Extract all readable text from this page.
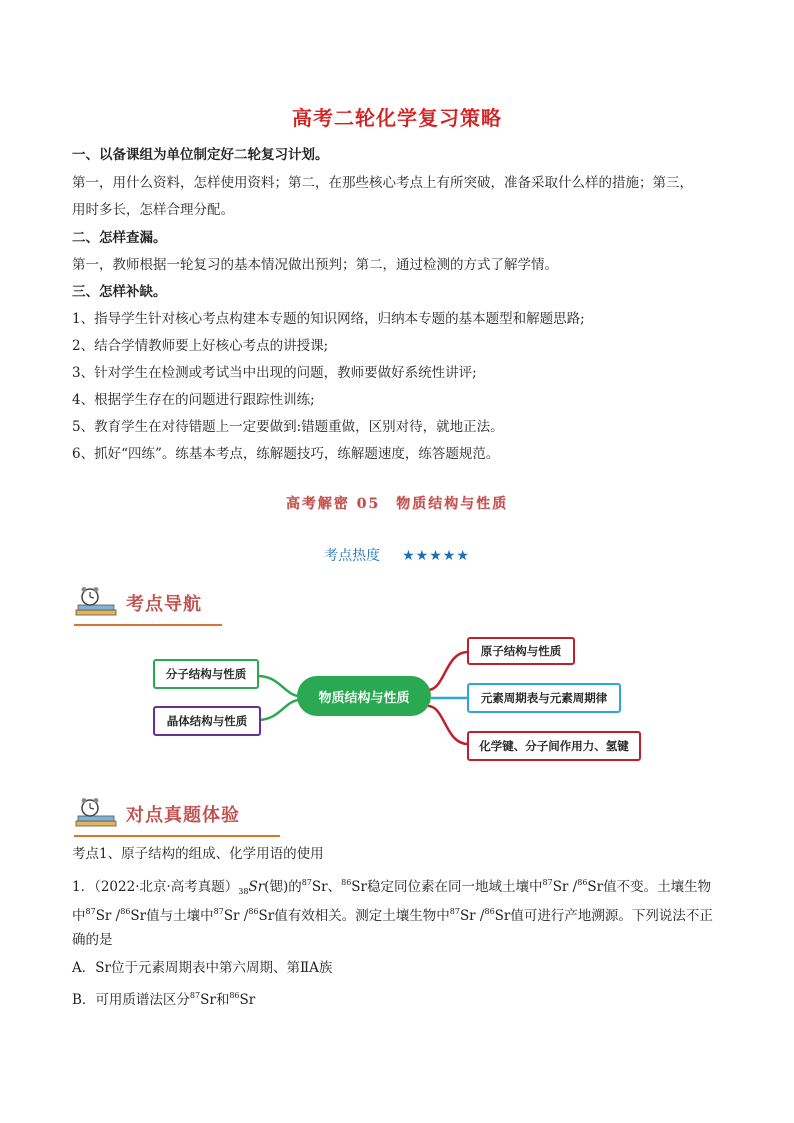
高考二轮化学复习策略
一、以备课组为单位制定好二轮复习计划。
第一，用什么资料，怎样使用资料；第二，在那些核心考点上有所突破，准备采取什么样的措施；第三，
用时多长，怎样合理分配。
二、怎样查漏。
第一，教师根据一轮复习的基本情况做出预判；第二，通过检测的方式了解学情。
三、怎样补缺。
1、指导学生针对核心考点构建本专题的知识网络，归纳本专题的基本题型和解题思路;
2、结合学情教师要上好核心考点的讲授课;
3、针对学生在检测或考试当中出现的问题，教师要做好系统性讲评;
4、根据学生存在的问题进行跟踪性训练;
5、教育学生在对待错题上一定要做到:错题重做，区别对待，就地正法。
6、抓好“四练”。练基本考点，练解题技巧，练解题速度，练答题规范。
高考解密 05　物质结构与性质
考点热度 ★★★★★
考点导航
物质结构与性质
分子结构与性质
晶体结构与性质
原子结构与性质
元素周期表与元素周期律
化学键、分子间作用力、氢键
对点真题体验
考点1、原子结构的组成、化学用语的使用
1．（2022·北京·高考真题）$_{38}Sr$(锶)的$^{87}$Sr、$^{86}$Sr稳定同位素在同一地域土壤中$^{87}$Sr /$^{86}$Sr值不变。土壤生物
中$^{87}$Sr /$^{86}$Sr值与土壤中$^{87}$Sr /$^{86}$Sr值有效相关。测定土壤生物中$^{87}$Sr /$^{86}$Sr值可进行产地溯源。下列说法不正
确的是
A．Sr位于元素周期表中第六周期、第ⅡA族
B．可用质谱法区分$^{87}$Sr和$^{86}$Sr
